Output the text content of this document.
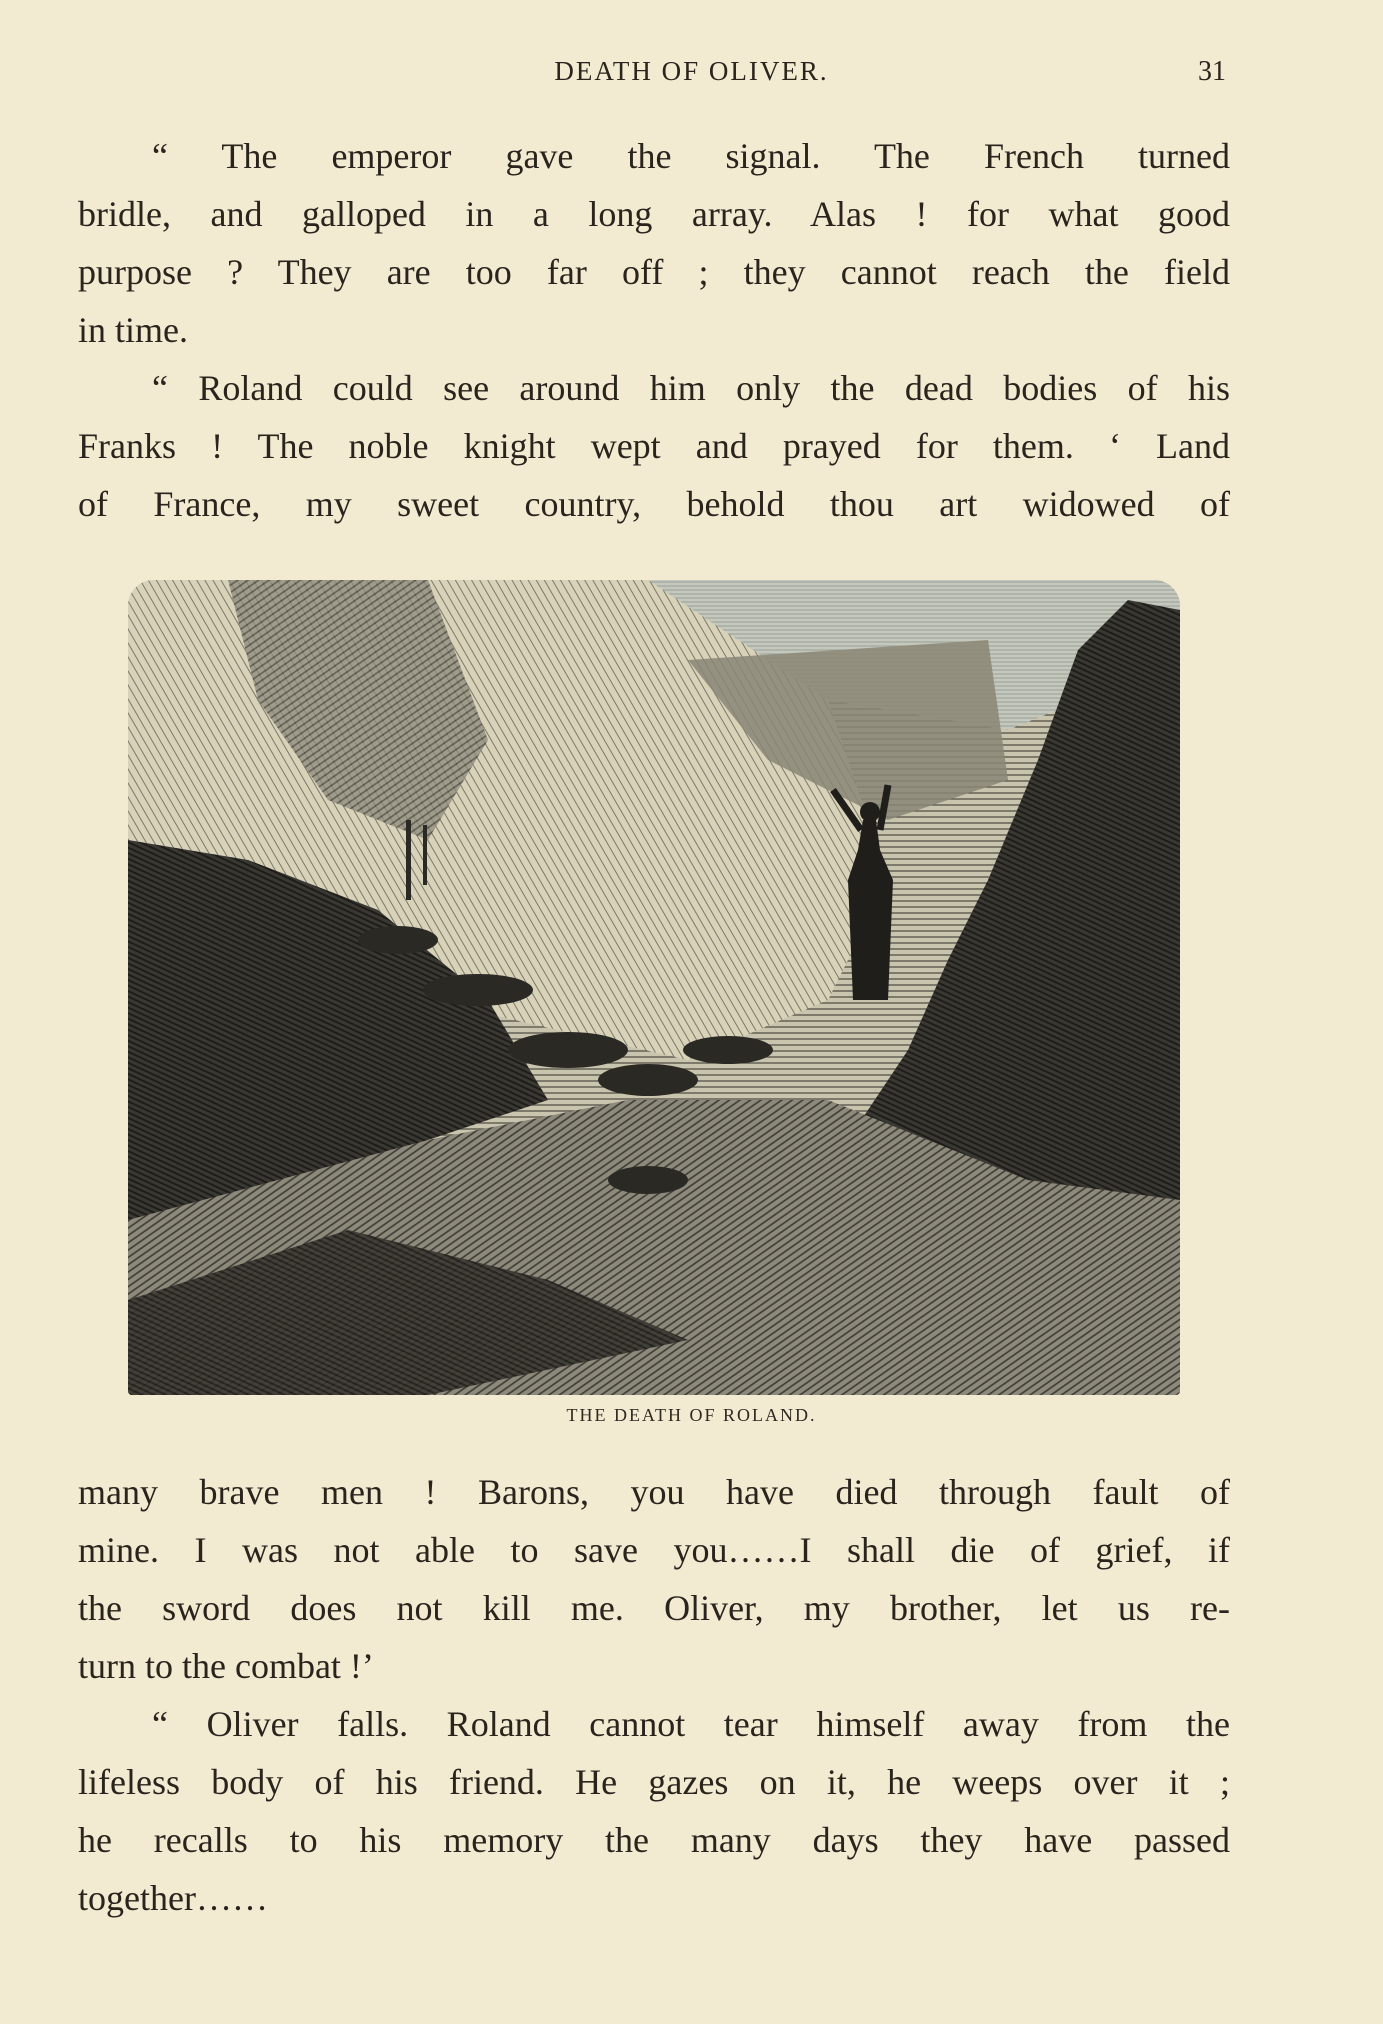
DEATH OF OLIVER.	31
“ The emperor gave the signal. The French turned
bridle, and galloped in a long array. Alas ! for what good
purpose ? They are too far off ; they cannot reach the field
in time.
“ Roland could see around him only the dead bodies of his
Franks ! The noble knight wept and prayed for them. ‘ Land
of France, my sweet country, behold thou art widowed of
THE DEATH OF ROLAND.
many brave men ! Barons, you have died through fault of
mine. I was not able to save you……I shall die of grief, if
the sword does not kill me. Oliver, my brother, let us re-
turn to the combat !’
“ Oliver falls. Roland cannot tear himself away from the
lifeless body of his friend. He gazes on it, he weeps over it ;
he recalls to his memory the many days they have passed
together……
